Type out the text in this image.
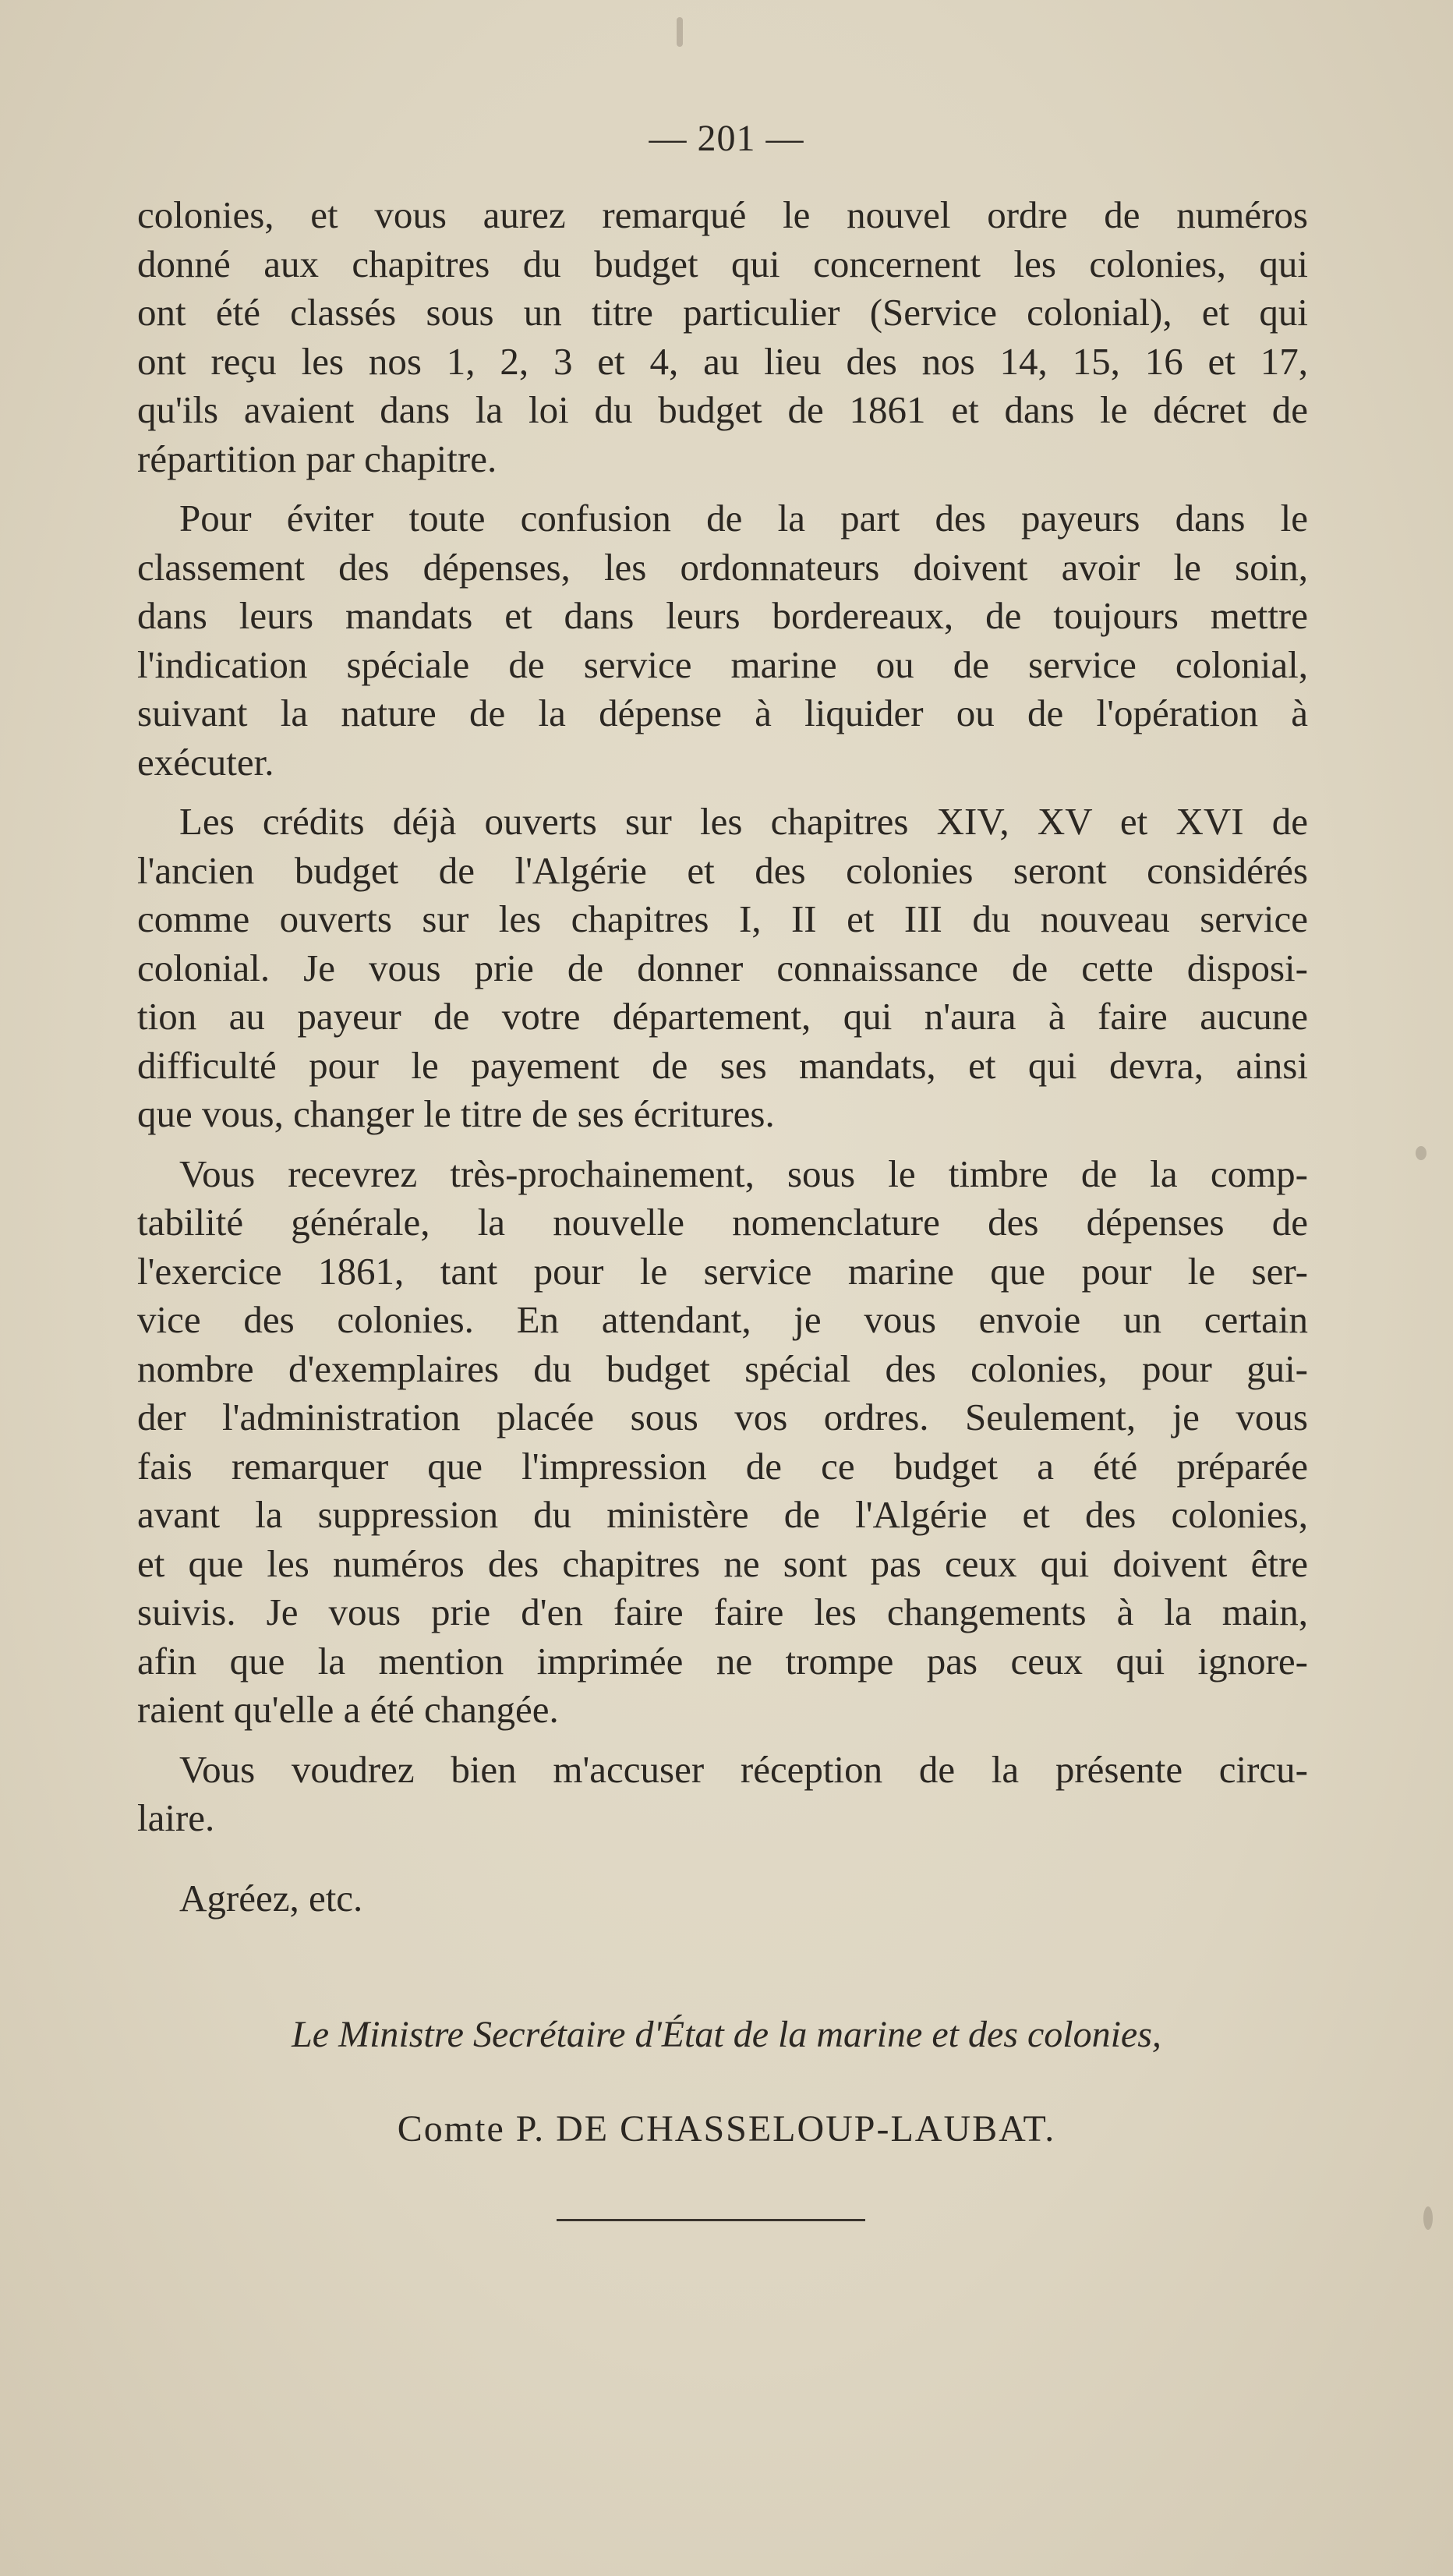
— 201 —
colonies, et vous aurez remarqué le nouvel ordre de numéros
donné aux chapitres du budget qui concernent les colonies, qui
ont été classés sous un titre particulier (Service colonial), et qui
ont reçu les nos 1, 2, 3 et 4, au lieu des nos 14, 15, 16 et 17,
qu'ils avaient dans la loi du budget de 1861 et dans le décret de
répartition par chapitre.
Pour éviter toute confusion de la part des payeurs dans le
classement des dépenses, les ordonnateurs doivent avoir le soin,
dans leurs mandats et dans leurs bordereaux, de toujours mettre
l'indication spéciale de service marine ou de service colonial,
suivant la nature de la dépense à liquider ou de l'opération à
exécuter.
Les crédits déjà ouverts sur les chapitres XIV, XV et XVI de
l'ancien budget de l'Algérie et des colonies seront considérés
comme ouverts sur les chapitres I, II et III du nouveau service
colonial. Je vous prie de donner connaissance de cette disposi-
tion au payeur de votre département, qui n'aura à faire aucune
difficulté pour le payement de ses mandats, et qui devra, ainsi
que vous, changer le titre de ses écritures.
Vous recevrez très-prochainement, sous le timbre de la comp-
tabilité générale, la nouvelle nomenclature des dépenses de
l'exercice 1861, tant pour le service marine que pour le ser-
vice des colonies. En attendant, je vous envoie un certain
nombre d'exemplaires du budget spécial des colonies, pour gui-
der l'administration placée sous vos ordres. Seulement, je vous
fais remarquer que l'impression de ce budget a été préparée
avant la suppression du ministère de l'Algérie et des colonies,
et que les numéros des chapitres ne sont pas ceux qui doivent être
suivis. Je vous prie d'en faire faire les changements à la main,
afin que la mention imprimée ne trompe pas ceux qui ignore-
raient qu'elle a été changée.
Vous voudrez bien m'accuser réception de la présente circu-
laire.
Agréez, etc.
Le Ministre Secrétaire d'État de la marine et des colonies,
Comte P. DE CHASSELOUP-LAUBAT.
